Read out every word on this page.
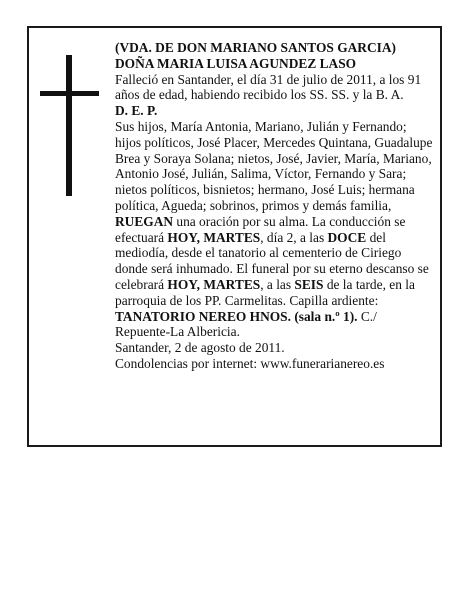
(VDA. DE DON MARIANO SANTOS GARCIA)

DOÑA MARIA LUISA AGUNDEZ LASO

Falleció en Santander, el día 31 de julio de 2011, a los 91 años de edad, habiendo recibido los SS. SS. y la B. A.

D. E. P.

Sus hijos, María Antonia, Mariano, Julián y Fernando; hijos políticos, José Placer, Mercedes Quintana, Guadalupe Brea y Soraya Solana; nietos, José, Javier, María, Mariano, Antonio José, Julián, Salima, Víctor, Fernando y Sara; nietos políticos, bisnietos; hermano, José Luis; hermana política, Agueda; sobrinos, primos y demás familia,

RUEGAN una oración por su alma. La conducción se efectuará HOY, MARTES, día 2, a las DOCE del mediodía, desde el tanatorio al cementerio de Ciriego donde será inhumado. El funeral por su eterno descanso se celebrará HOY, MARTES, a las SEIS de la tarde, en la parroquia de los PP. Carmelitas. Capilla ardiente: TANATORIO NEREO HNOS. (sala n.º 1). C./ Repuente-La Albericia.

Santander, 2 de agosto de 2011.

Condolencias por internet: www.funerarianereo.es
